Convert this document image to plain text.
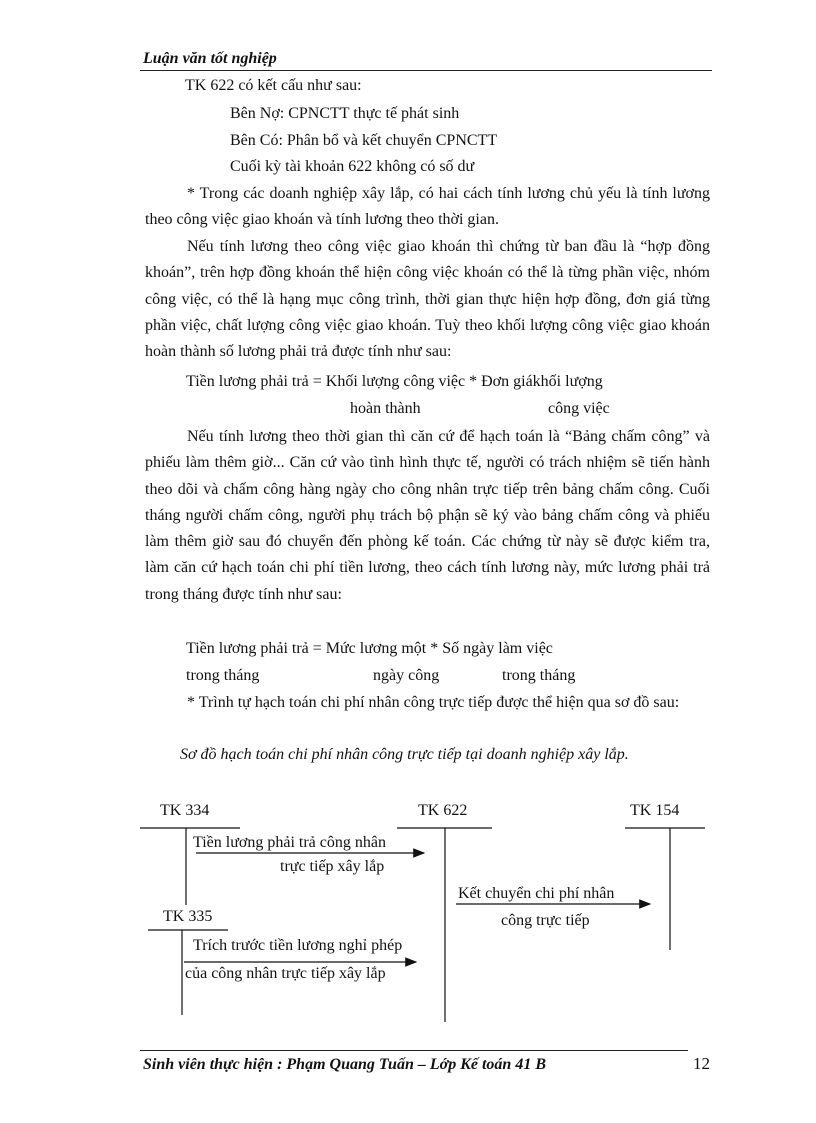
Luận văn tốt nghiệp
TK 622 có kết cấu như sau:
Bên Nợ: CPNCTT thực tế phát sinh
Bên Có: Phân bổ và kết chuyển CPNCTT
Cuối kỳ tài khoản 622 không có số dư

* Trong các doanh nghiệp xây lắp, có hai cách tính lương chủ yếu là tính lương theo công việc giao khoán và tính lương theo thời gian.

Nếu tính lương theo công việc giao khoán thì chứng từ ban đầu là “hợp đồng khoán”, trên hợp đồng khoán thể hiện công việc khoán có thể là từng phần việc, nhóm công việc, có thể là hạng mục công trình, thời gian thực hiện hợp đồng, đơn giá từng phần việc, chất lượng công việc giao khoán. Tuỳ theo khối lượng công việc giao khoán hoàn thành số lương phải trả được tính như sau:

Tiền lương phải trả = Khối lượng công việc * Đơn giákhối lượng
hoàn thành	công việc

Nếu tính lương theo thời gian thì căn cứ để hạch toán là “Bảng chấm công” và phiếu làm thêm giờ... Căn cứ vào tình hình thực tế, người có trách nhiệm sẽ tiến hành theo dõi và chấm công hàng ngày cho công nhân trực tiếp trên bảng chấm công. Cuối tháng người chấm công, người phụ trách bộ phận sẽ ký vào bảng chấm công và phiếu làm thêm giờ sau đó chuyển đến phòng kế toán. Các chứng từ này sẽ được kiểm tra, làm căn cứ hạch toán chi phí tiền lương, theo cách tính lương này, mức lương phải trả trong tháng được tính như sau:

Tiền lương phải trả = Mức lương một * Số ngày làm việc
trong tháng	ngày công	trong tháng

* Trình tự hạch toán chi phí nhân công trực tiếp được thể hiện qua sơ đồ sau:

Sơ đồ hạch toán chi phí nhân công trực tiếp tại doanh nghiệp xây lắp.
TK 334	TK 622	TK 154
TK 335
Tiền lương phải trả công nhân
trực tiếp xây lắp
Kết chuyển chi phí nhân
công trực tiếp
Trích trước tiền lương nghỉ phép
của công nhân trực tiếp xây lắp
Sinh viên thực hiện : Phạm Quang Tuấn – Lớp Kế toán 41 B	12
